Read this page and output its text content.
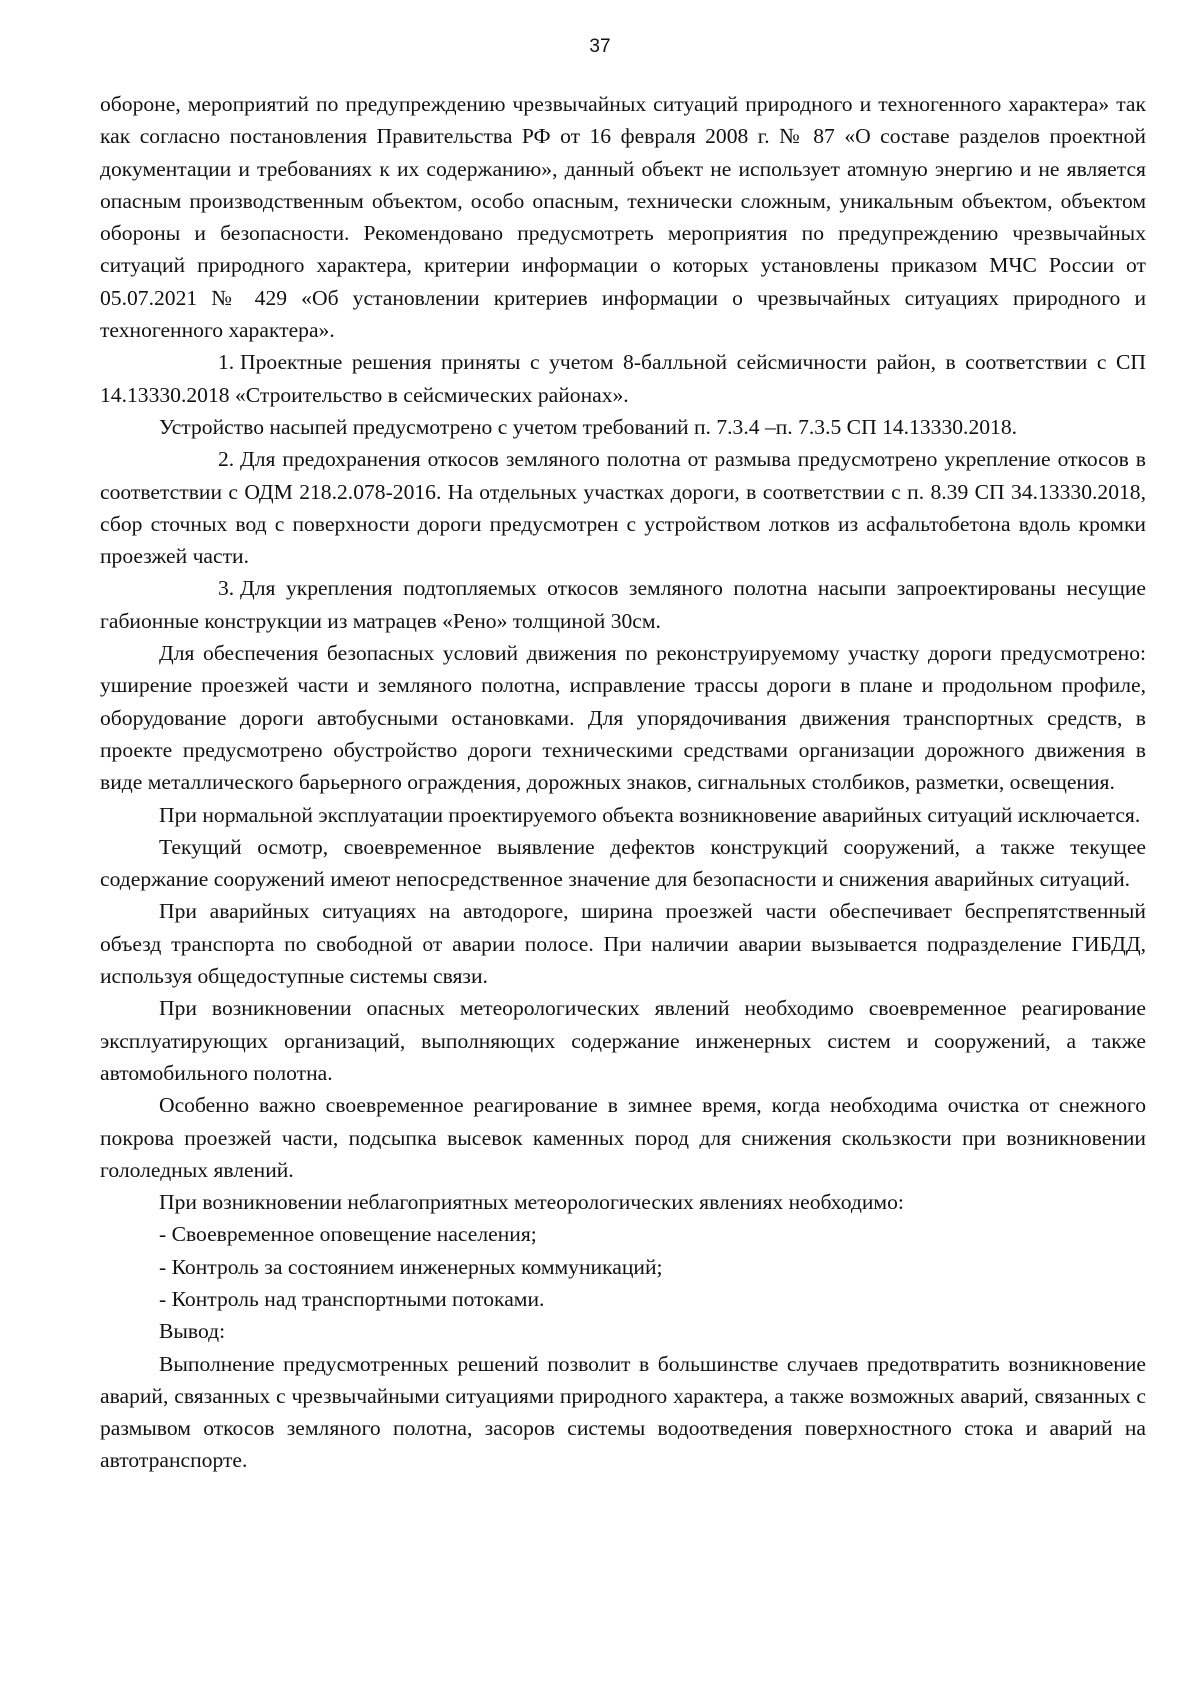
37

обороне, мероприятий по предупреждению чрезвычайных ситуаций природного и техногенного характера» так как согласно постановления Правительства РФ от 16 февраля 2008 г. № 87 «О составе разделов проектной документации и требованиях к их содержанию», данный объект не использует атомную энергию и не является опасным производственным объектом, особо опасным, технически сложным, уникальным объектом, объектом обороны и безопасности. Рекомендовано предусмотреть мероприятия по предупреждению чрезвычайных ситуаций природного характера, критерии информации о которых установлены приказом МЧС России от 05.07.2021 № 429 «Об установлении критериев информации о чрезвычайных ситуациях природного и техногенного характера».

1. Проектные решения приняты с учетом 8-балльной сейсмичности район, в соответствии с СП 14.13330.2018 «Строительство в сейсмических районах».

Устройство насыпей предусмотрено с учетом требований п. 7.3.4 –п. 7.3.5 СП 14.13330.2018.

2. Для предохранения откосов земляного полотна от размыва предусмотрено укрепление откосов в соответствии с ОДМ 218.2.078-2016. На отдельных участках дороги, в соответствии с п. 8.39 СП 34.13330.2018, сбор сточных вод с поверхности дороги предусмотрен с устройством лотков из асфальтобетона вдоль кромки проезжей части.

3. Для укрепления подтопляемых откосов земляного полотна насыпи запроектированы несущие габионные конструкции из матрацев «Рено» толщиной 30см.

Для обеспечения безопасных условий движения по реконструируемому участку дороги предусмотрено: уширение проезжей части и земляного полотна, исправление трассы дороги в плане и продольном профиле, оборудование дороги автобусными остановками. Для упорядочивания движения транспортных средств, в проекте предусмотрено обустройство дороги техническими средствами организации дорожного движения в виде металлического барьерного ограждения, дорожных знаков, сигнальных столбиков, разметки, освещения.

При нормальной эксплуатации проектируемого объекта возникновение аварийных ситуаций исключается.

Текущий осмотр, своевременное выявление дефектов конструкций сооружений, а также текущее содержание сооружений имеют непосредственное значение для безопасности и снижения аварийных ситуаций.

При аварийных ситуациях на автодороге, ширина проезжей части обеспечивает беспрепятственный объезд транспорта по свободной от аварии полосе. При наличии аварии вызывается подразделение ГИБДД, используя общедоступные системы связи.

При возникновении опасных метеорологических явлений необходимо своевременное реагирование эксплуатирующих организаций, выполняющих содержание инженерных систем и сооружений, а также автомобильного полотна.

Особенно важно своевременное реагирование в зимнее время, когда необходима очистка от снежного покрова проезжей части, подсыпка высевок каменных пород для снижения скользкости при возникновении гололедных явлений.

При возникновении неблагоприятных метеорологических явлениях необходимо:

- Своевременное оповещение населения;

- Контроль за состоянием инженерных коммуникаций;

- Контроль над транспортными потоками.

Вывод:

Выполнение предусмотренных решений позволит в большинстве случаев предотвратить возникновение аварий, связанных с чрезвычайными ситуациями природного характера, а также возможных аварий, связанных с размывом откосов земляного полотна, засоров системы водоотведения поверхностного стока и аварий на автотранспорте.
